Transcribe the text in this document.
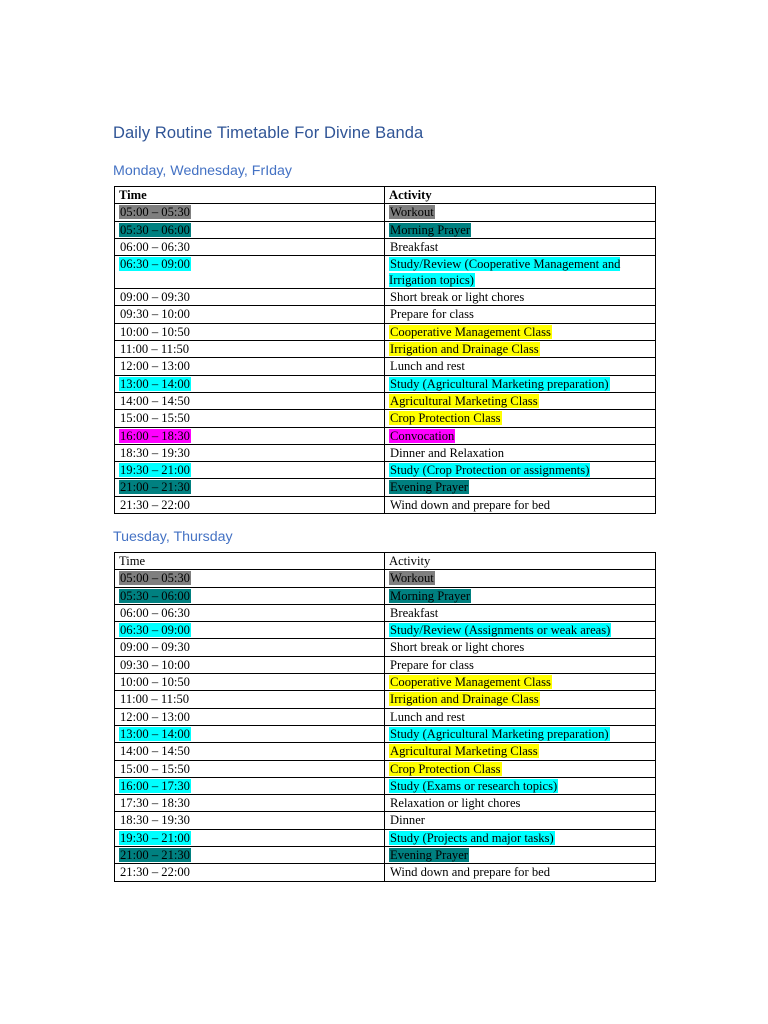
Daily Routine Timetable For Divine Banda
Monday, Wednesday, FrIday
Time	Activity
05:00 – 05:30	Workout
05:30 – 06:00	Morning Prayer
06:00 – 06:30	Breakfast
06:30 – 09:00	Study/Review (Cooperative Management and Irrigation topics)
09:00 – 09:30	Short break or light chores
09:30 – 10:00	Prepare for class
10:00 – 10:50	Cooperative Management Class
11:00 – 11:50	Irrigation and Drainage Class
12:00 – 13:00	Lunch and rest
13:00 – 14:00	Study (Agricultural Marketing preparation)
14:00 – 14:50	Agricultural Marketing Class
15:00 – 15:50	Crop Protection Class
16:00 – 18:30	Convocation
18:30 – 19:30	Dinner and Relaxation
19:30 – 21:00	Study (Crop Protection or assignments)
21:00 – 21:30	Evening Prayer
21:30 – 22:00	Wind down and prepare for bed
Tuesday, Thursday
Time	Activity
05:00 – 05:30	Workout
05:30 – 06:00	Morning Prayer
06:00 – 06:30	Breakfast
06:30 – 09:00	Study/Review (Assignments or weak areas)
09:00 – 09:30	Short break or light chores
09:30 – 10:00	Prepare for class
10:00 – 10:50	Cooperative Management Class
11:00 – 11:50	Irrigation and Drainage Class
12:00 – 13:00	Lunch and rest
13:00 – 14:00	Study (Agricultural Marketing preparation)
14:00 – 14:50	Agricultural Marketing Class
15:00 – 15:50	Crop Protection Class
16:00 – 17:30	Study (Exams or research topics)
17:30 – 18:30	Relaxation or light chores
18:30 – 19:30	Dinner
19:30 – 21:00	Study (Projects and major tasks)
21:00 – 21:30	Evening Prayer
21:30 – 22:00	Wind down and prepare for bed
